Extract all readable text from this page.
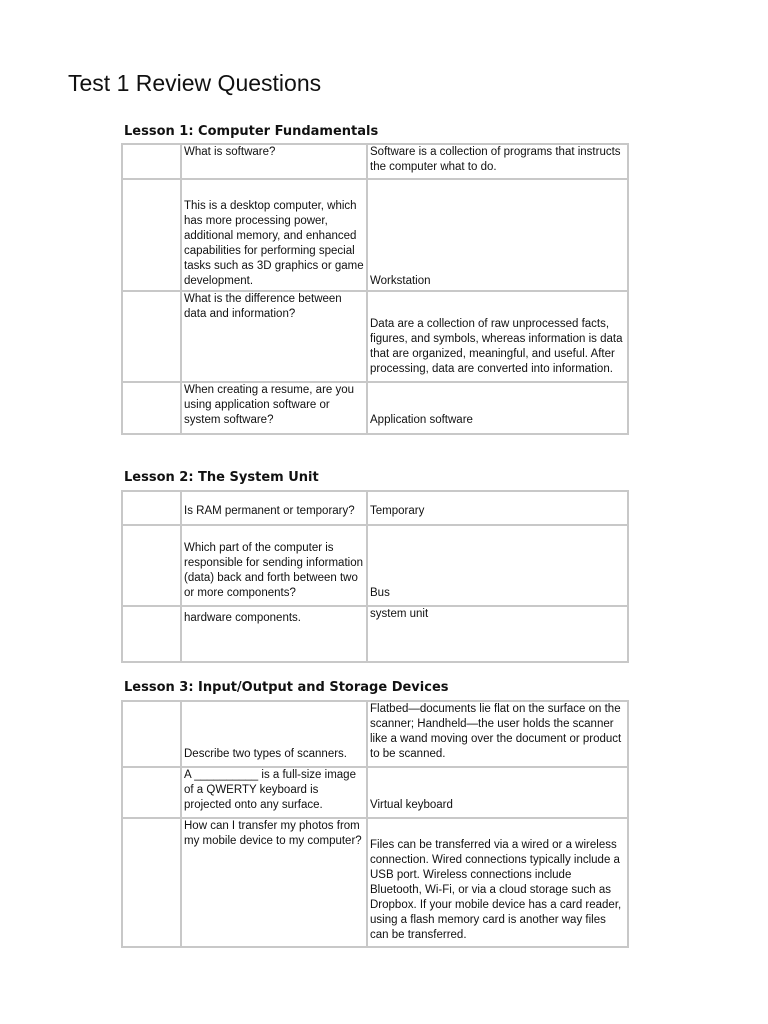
Test 1 Review Questions
Lesson 1: Computer Fundamentals
	What is software?	Software is a collection of programs that instructs the computer what to do.
	This is a desktop computer, which has more processing power, additional memory, and enhanced capabilities for performing special tasks such as 3D graphics or game development.	Workstation
	What is the difference between data and information?	Data are a collection of raw unprocessed facts, figures, and symbols, whereas information is data that are organized, meaningful, and useful. After processing, data are converted into information.
	When creating a resume, are you using application software or system software?	Application software
Lesson 2: The System Unit
	Is RAM permanent or temporary?	Temporary
	Which part of the computer is responsible for sending information (data) back and forth between two or more components?	Bus
	hardware components.	system unit
Lesson 3: Input/Output and Storage Devices
	Describe two types of scanners.	Flatbed—documents lie flat on the surface on the scanner; Handheld—the user holds the scanner like a wand moving over the document or product to be scanned.
	A __________ is a full-size image of a QWERTY keyboard is projected onto any surface.	Virtual keyboard
	How can I transfer my photos from my mobile device to my computer?	Files can be transferred via a wired or a wireless connection. Wired connections typically include a USB port. Wireless connections include Bluetooth, Wi-Fi, or via a cloud storage such as Dropbox. If your mobile device has a card reader, using a flash memory card is another way files can be transferred.
